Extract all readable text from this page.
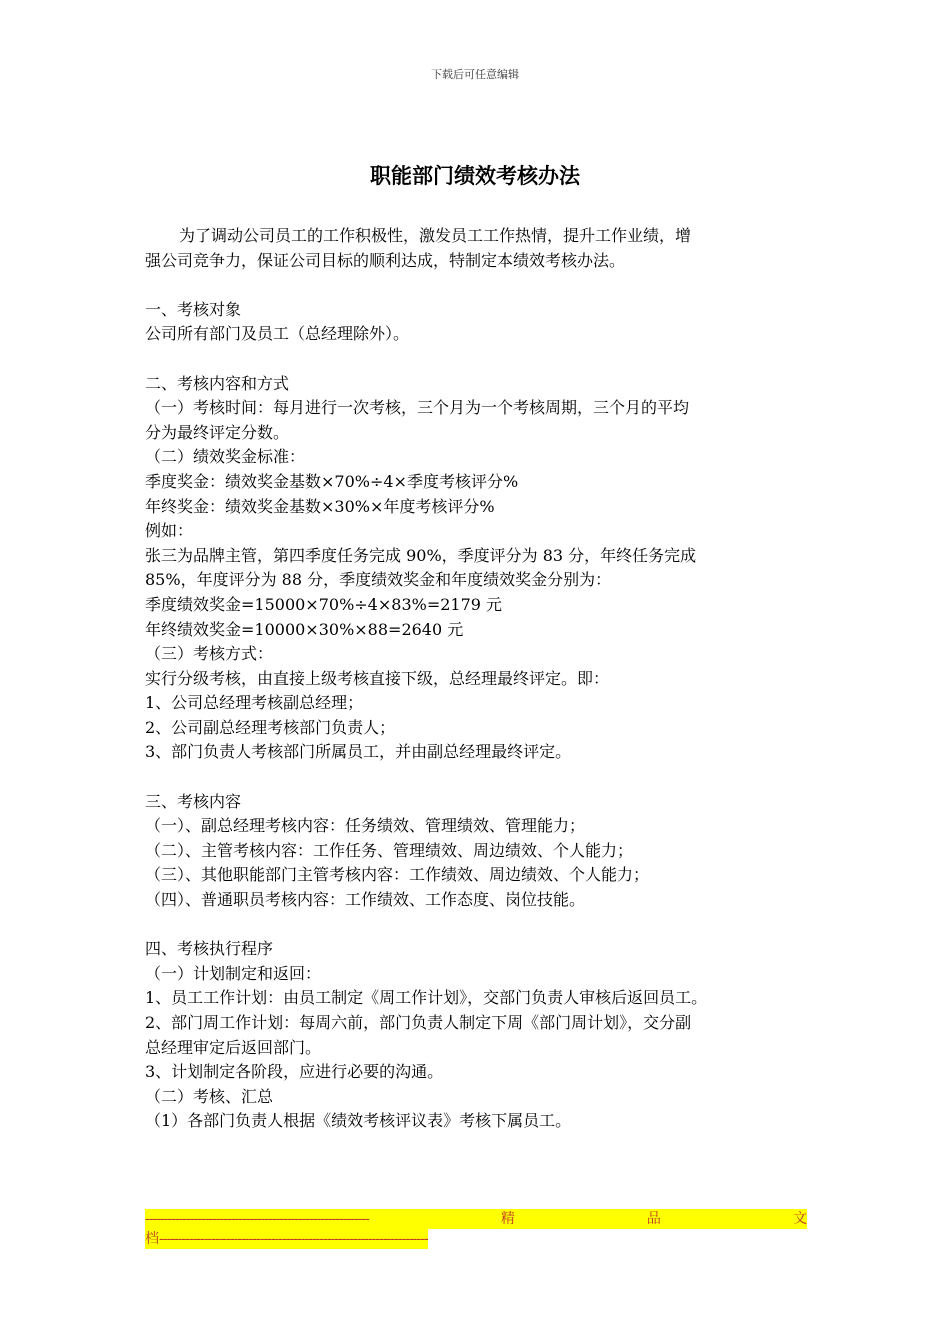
下载后可任意编辑
职能部门绩效考核办法

为了调动公司员工的工作积极性，激发员工工作热情，提升工作业绩，增

强公司竞争力，保证公司目标的顺利达成，特制定本绩效考核办法。

一、考核对象

公司所有部门及员工（总经理除外）。

二、考核内容和方式

（一）考核时间：每月进行一次考核，三个月为一个考核周期，三个月的平均

分为最终评定分数。

（二）绩效奖金标准：

季度奖金：绩效奖金基数×70%÷4×季度考核评分%

年终奖金：绩效奖金基数×30%×年度考核评分%

例如：

张三为品牌主管，第四季度任务完成 90%，季度评分为 83 分，年终任务完成

85%，年度评分为 88 分，季度绩效奖金和年度绩效奖金分别为：

季度绩效奖金=15000×70%÷4×83%=2179 元

年终绩效奖金=10000×30%×88=2640 元

（三）考核方式：

实行分级考核，由直接上级考核直接下级，总经理最终评定。即：

1、公司总经理考核副总经理；

2、公司副总经理考核部门负责人；

3、部门负责人考核部门所属员工，并由副总经理最终评定。

三、考核内容

（一）、副总经理考核内容：任务绩效、管理绩效、管理能力；

（二）、主管考核内容：工作任务、管理绩效、周边绩效、个人能力；

（三）、其他职能部门主管考核内容：工作绩效、周边绩效、个人能力；

（四）、普通职员考核内容：工作绩效、工作态度、岗位技能。

四、考核执行程序

（一）计划制定和返回：

1、员工工作计划：由员工制定《周工作计划》，交部门负责人审核后返回员工。

2、部门周工作计划：每周六前，部门负责人制定下周《部门周计划》，交分副

总经理审定后返回部门。

3、计划制定各阶段，应进行必要的沟通。

（二）考核、汇总

（1）各部门负责人根据《绩效考核评议表》考核下属员工。

------------------------------------------------------------	精	品	文
档------------------------------------------------------------------------
